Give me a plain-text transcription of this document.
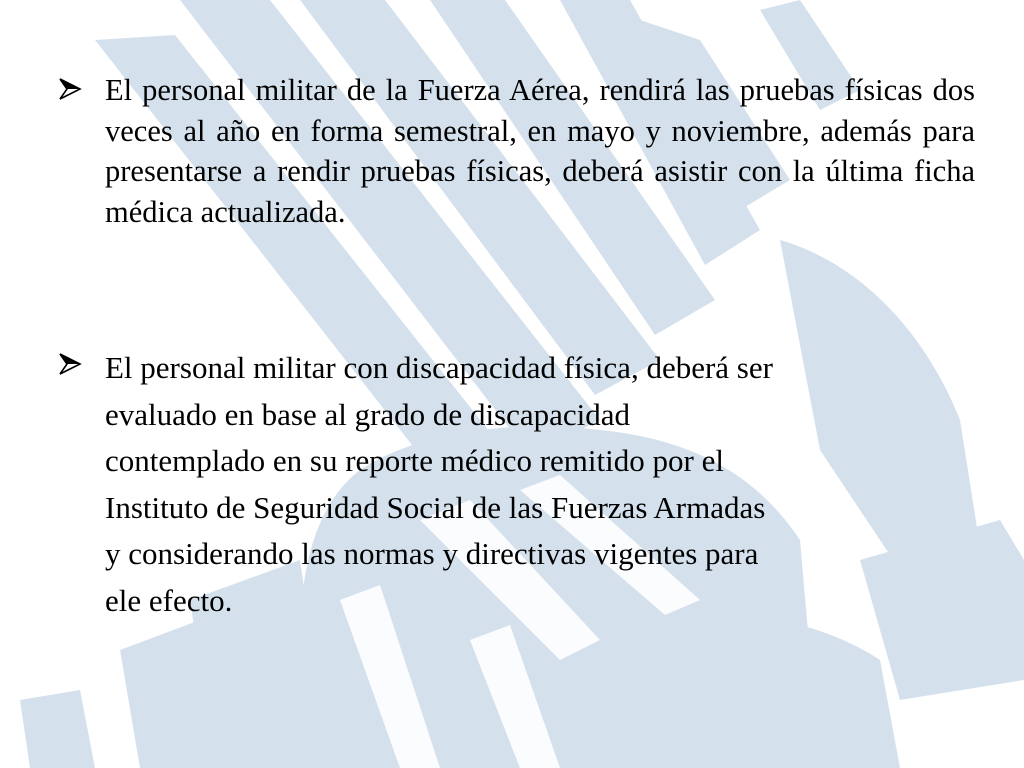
El personal militar de la Fuerza Aérea, rendirá las pruebas físicas dos veces al año en forma semestral, en mayo y noviembre, además para presentarse a rendir pruebas físicas, deberá asistir con la última ficha médica actualizada.
El personal militar con discapacidad física, deberá ser
evaluado en base al grado de discapacidad
contemplado en su reporte médico remitido por el
Instituto de Seguridad Social de las Fuerzas Armadas
y considerando las normas y directivas vigentes para
ele efecto.
